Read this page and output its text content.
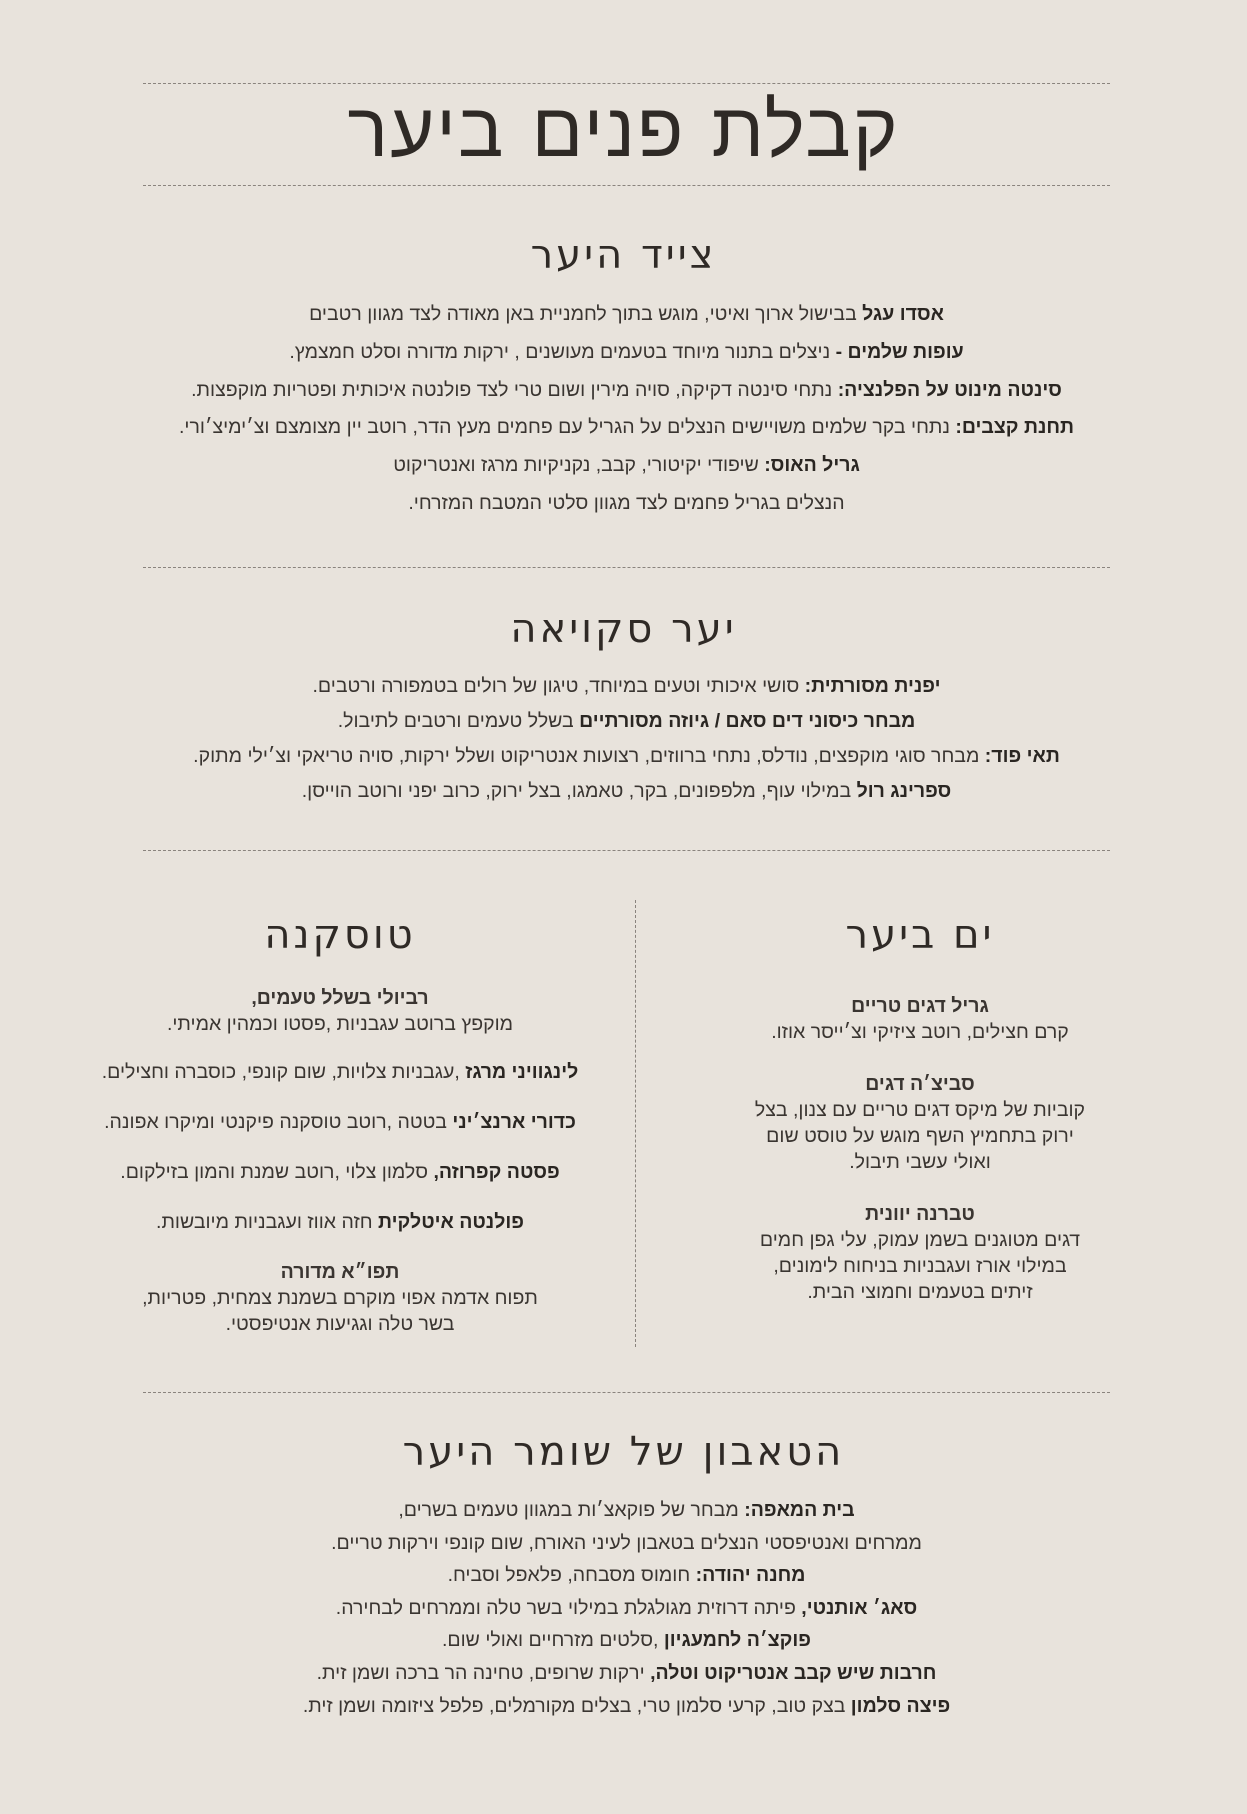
קבלת פנים ביער
צייד היער
אסדו עגל בבישול ארוך ואיטי, מוגש בתוך לחמניית באן מאודה לצד מגוון רטבים
עופות שלמים - ניצלים בתנור מיוחד בטעמים מעושנים , ירקות מדורה וסלט חמצמץ.
סינטה מינוט על הפלנציה: נתחי סינטה דקיקה, סויה מירין ושום טרי לצד פולנטה איכותית ופטריות מוקפצות.
תחנת קצבים: נתחי בקר שלמים משויישים הנצלים על הגריל עם פחמים מעץ הדר, רוטב יין מצומצם וצ׳ימיצ׳ורי.
גריל האוס: שיפודי יקיטורי, קבב, נקניקיות מרגז ואנטריקוט
הנצלים בגריל פחמים לצד מגוון סלטי המטבח המזרחי.
יער סקויאה
יפנית מסורתית: סושי איכותי וטעים במיוחד, טיגון של רולים בטמפורה ורטבים.
מבחר כיסוני דים סאם / גיוזה מסורתיים בשלל טעמים ורטבים לתיבול.
תאי פוד: מבחר סוגי מוקפצים, נודלס, נתחי ברווזים, רצועות אנטריקוט ושלל ירקות, סויה טריאקי וצ׳ילי מתוק.
ספרינג רול במילוי עוף, מלפפונים, בקר, טאמגו, בצל ירוק, כרוב יפני ורוטב הוייסן.
ים ביער
גריל דגים טריים
קרם חצילים, רוטב ציזיקי וצ׳ייסר אוזו.
סביצ׳ה דגים
קוביות של מיקס דגים טריים עם צנון, בצל
ירוק בתחמיץ השף מוגש על טוסט שום
ואולי עשבי תיבול.
טברנה יוונית
דגים מטוגנים בשמן עמוק, עלי גפן חמים
במילוי אורז ועגבניות בניחוח לימונים,
זיתים בטעמים וחמוצי הבית.
טוסקנה
רביולי בשלל טעמים,
מוקפץ ברוטב עגבניות ,פסטו וכמהין אמיתי.
לינגוויני מרגז ,עגבניות צלויות, שום קונפי, כוסברה וחצילים.
כדורי ארנצ׳יני בטטה ,רוטב טוסקנה פיקנטי ומיקרו אפונה.
פסטה קפרוזה, סלמון צלוי ,רוטב שמנת והמון בזילקום.
פולנטה איטלקית חזה אווז ועגבניות מיובשות.
תפו״א מדורה
תפוח אדמה אפוי מוקרם בשמנת צמחית, פטריות,
בשר טלה וגגיעות אנטיפסטי.
הטאבון של שומר היער
בית המאפה: מבחר של פוקאצ׳ות במגוון טעמים בשרים,
ממרחים ואנטיפסטי הנצלים בטאבון לעיני האורח, שום קונפי וירקות טריים.
מחנה יהודה: חומוס מסבחה, פלאפל וסביח.
סאג׳ אותנטי, פיתה דרוזית מגולגלת במילוי בשר טלה וממרחים לבחירה.
פוקצ׳ה לחמעגיון ,סלטים מזרחיים ואולי שום.
חרבות שיש קבב אנטריקוט וטלה, ירקות שרופים, טחינה הר ברכה ושמן זית.
פיצה סלמון בצק טוב, קרעי סלמון טרי, בצלים מקורמלים, פלפל ציזומה ושמן זית.
